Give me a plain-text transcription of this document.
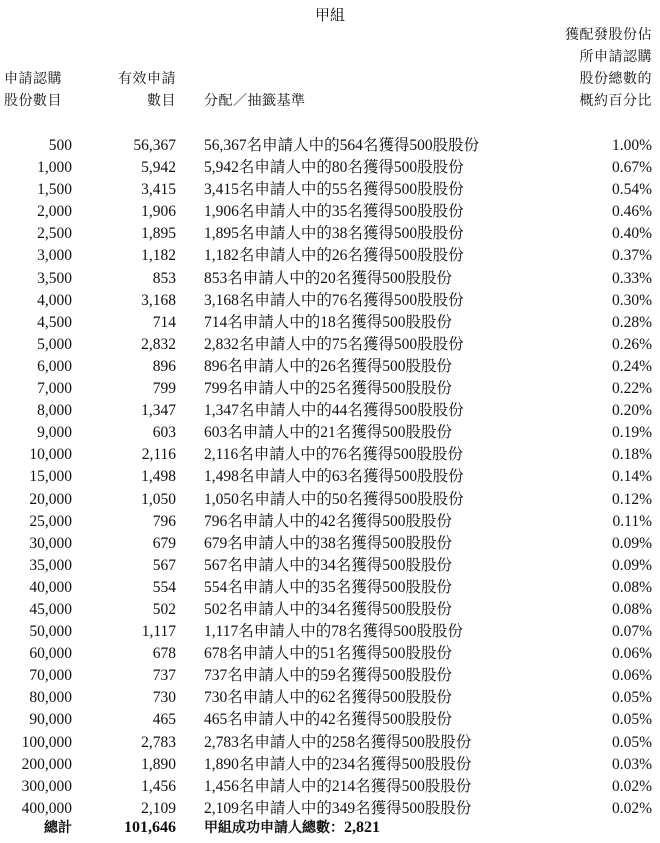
甲組
申請認購
股份數目
有效申請
數目 分配／抽籤基準
獲配發股份佔
所申請認購
股份總數的
概約百分比
500	56,367 56,367名申請人中的564名獲得500股股份	1.00%
1,000	5,942 5,942名申請人中的80名獲得500股股份	0.67%
1,500	3,415 3,415名申請人中的55名獲得500股股份	0.54%
2,000	1,906 1,906名申請人中的35名獲得500股股份	0.46%
2,500	1,895 1,895名申請人中的38名獲得500股股份	0.40%
3,000	1,182 1,182名申請人中的26名獲得500股股份	0.37%
3,500	853 853名申請人中的20名獲得500股股份	0.33%
4,000	3,168 3,168名申請人中的76名獲得500股股份	0.30%
4,500	714 714名申請人中的18名獲得500股股份	0.28%
5,000	2,832 2,832名申請人中的75名獲得500股股份	0.26%
6,000	896 896名申請人中的26名獲得500股股份	0.24%
7,000	799 799名申請人中的25名獲得500股股份	0.22%
8,000	1,347 1,347名申請人中的44名獲得500股股份	0.20%
9,000	603 603名申請人中的21名獲得500股股份	0.19%
10,000	2,116 2,116名申請人中的76名獲得500股股份	0.18%
15,000	1,498 1,498名申請人中的63名獲得500股股份	0.14%
20,000	1,050 1,050名申請人中的50名獲得500股股份	0.12%
25,000	796 796名申請人中的42名獲得500股股份	0.11%
30,000	679 679名申請人中的38名獲得500股股份	0.09%
35,000	567 567名申請人中的34名獲得500股股份	0.09%
40,000	554 554名申請人中的35名獲得500股股份	0.08%
45,000	502 502名申請人中的34名獲得500股股份	0.08%
50,000	1,117 1,117名申請人中的78名獲得500股股份	0.07%
60,000	678 678名申請人中的51名獲得500股股份	0.06%
70,000	737 737名申請人中的59名獲得500股股份	0.06%
80,000	730 730名申請人中的62名獲得500股股份	0.05%
90,000	465 465名申請人中的42名獲得500股股份	0.05%
100,000	2,783 2,783名申請人中的258名獲得500股股份	0.05%
200,000	1,890 1,890名申請人中的234名獲得500股股份	0.03%
300,000	1,456 1,456名申請人中的214名獲得500股股份	0.02%
400,000	2,109 2,109名申請人中的349名獲得500股股份	0.02%
總計	101,646 甲組成功申請人總數：2,821
